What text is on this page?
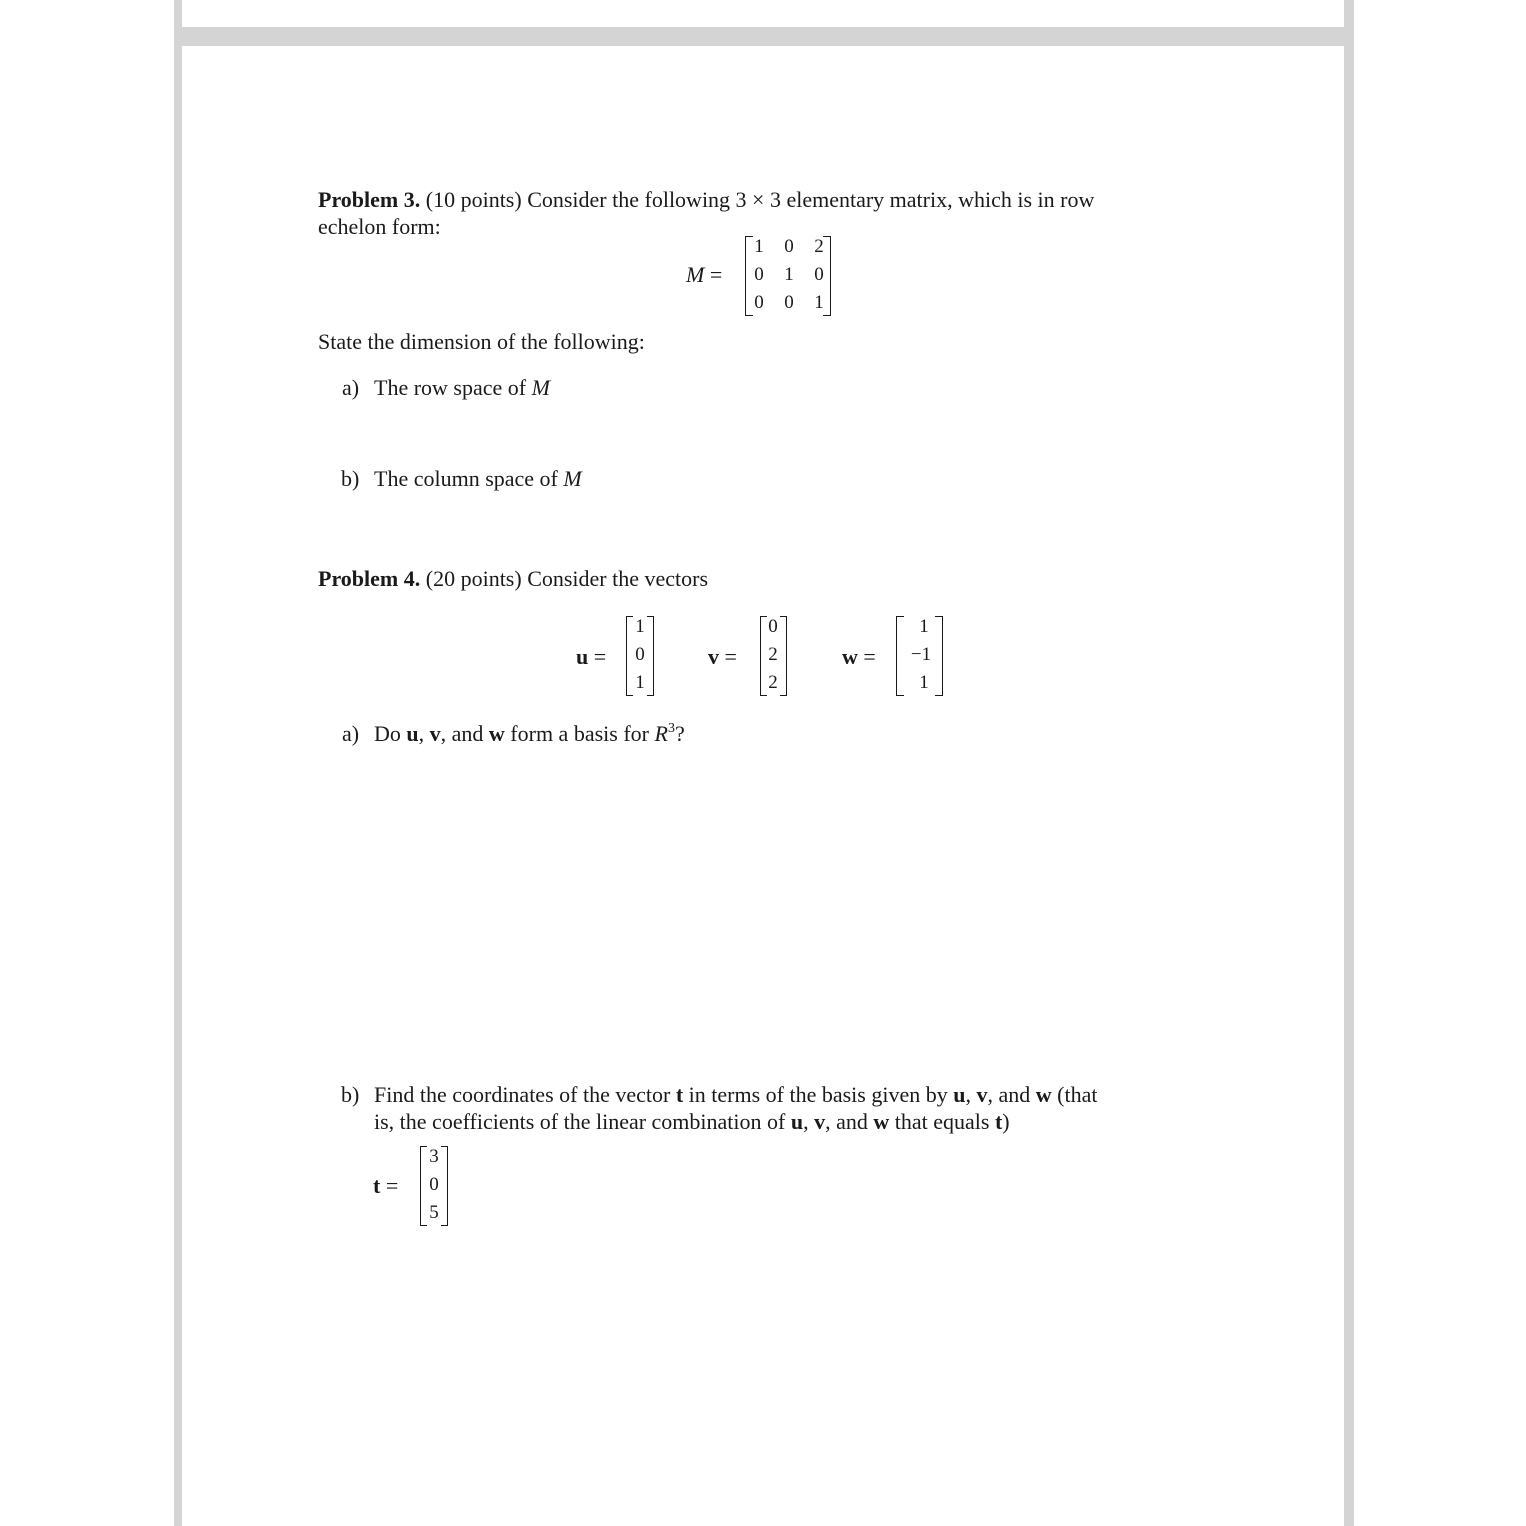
Problem 3. (10 points) Consider the following 3 × 3 elementary matrix, which is in row
echelon form:
M =
1 0 2
0 1 0
0 0 1
State the dimension of the following:
a) The row space of M
b) The column space of M
Problem 4. (20 points) Consider the vectors
u =
1
0
1
v =
0
2
2
w =
1
−1
1
a) Do u, v, and w form a basis for $R^3$?
b) Find the coordinates of the vector t in terms of the basis given by u, v, and w (that
is, the coefficients of the linear combination of u, v, and w that equals t)
t =
3
0
5
